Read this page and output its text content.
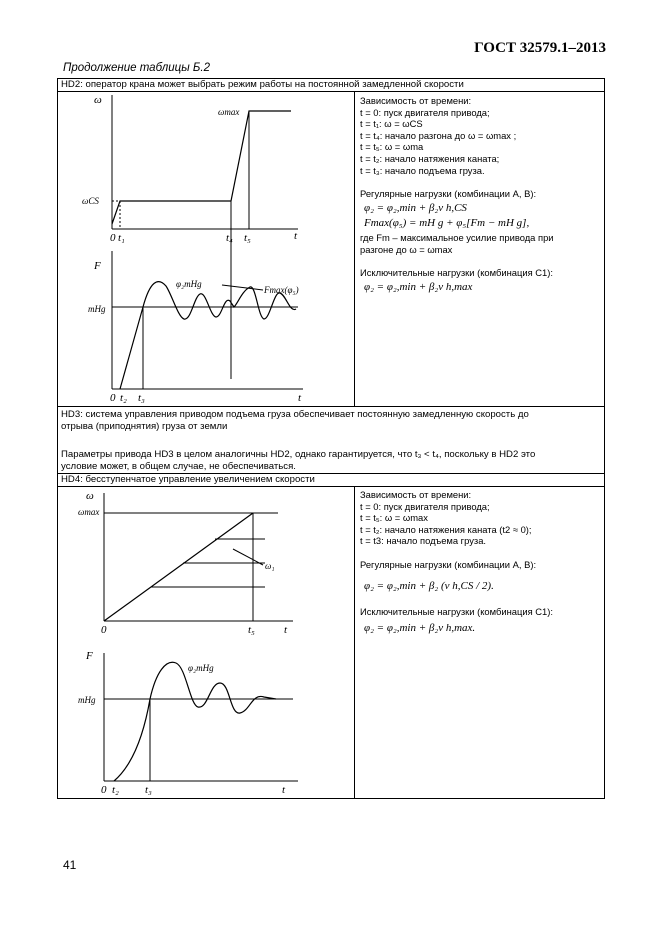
ГОСТ 32579.1–2013
Продолжение таблицы Б.2
HD2: оператор крана может выбрать режим работы на постоянной замедленной скорости
ω
ωmax
ωCS
t
0 t₁	t₄ t₅
F
mHg
φ₂mHg
Fmax(φ₅)
t
0 t₂ t₃
Зависимость от времени:
t = 0: пуск двигателя привода;
t = t₁: ω = ωCS
t = t₄: начало разгона до ω = ωmax ;
t = t₅: ω = ωma
t = t₂: начало натяжения каната;
t = t₃: начало подъема груза.
Регулярные нагрузки (комбинации А, В):
φ₂ = φ₂,min + β₂v h,CS
Fmax(φ₅) = mH g + φ₅[Fm − mH g],
где Fm – максимальное усилие привода при
разгоне до ω = ωmax
Исключительные нагрузки (комбинация С1):
φ₂ = φ₂,min + β₂v h,max
HD3: система управления приводом подъема груза обеспечивает постоянную замедленную скорость до
отрыва (приподнятия) груза от земли
Параметры привода HD3 в целом аналогичны HD2, однако гарантируется, что t₃ < t₄, поскольку в HD2 это
условие может, в общем случае, не обеспечиваться.
HD4: бесступенчатое управление увеличением скорости
ω
ωmax
ω₁
t
0	t₅
F
mHg
φ₂mHg
t
0 t₂ t₃
Зависимость от времени:
t = 0: пуск двигателя привода;
t = t₅: ω = ωmax
t = t₂: начало натяжения каната (t2 ≈ 0);
t = t3: начало подъема груза.
Регулярные нагрузки (комбинации А, В):
φ₂ = φ₂,min + β₂ (v h,CS / 2).
Исключительные нагрузки (комбинация С1):
φ₂ = φ₂,min + β₂v h,max.
41
